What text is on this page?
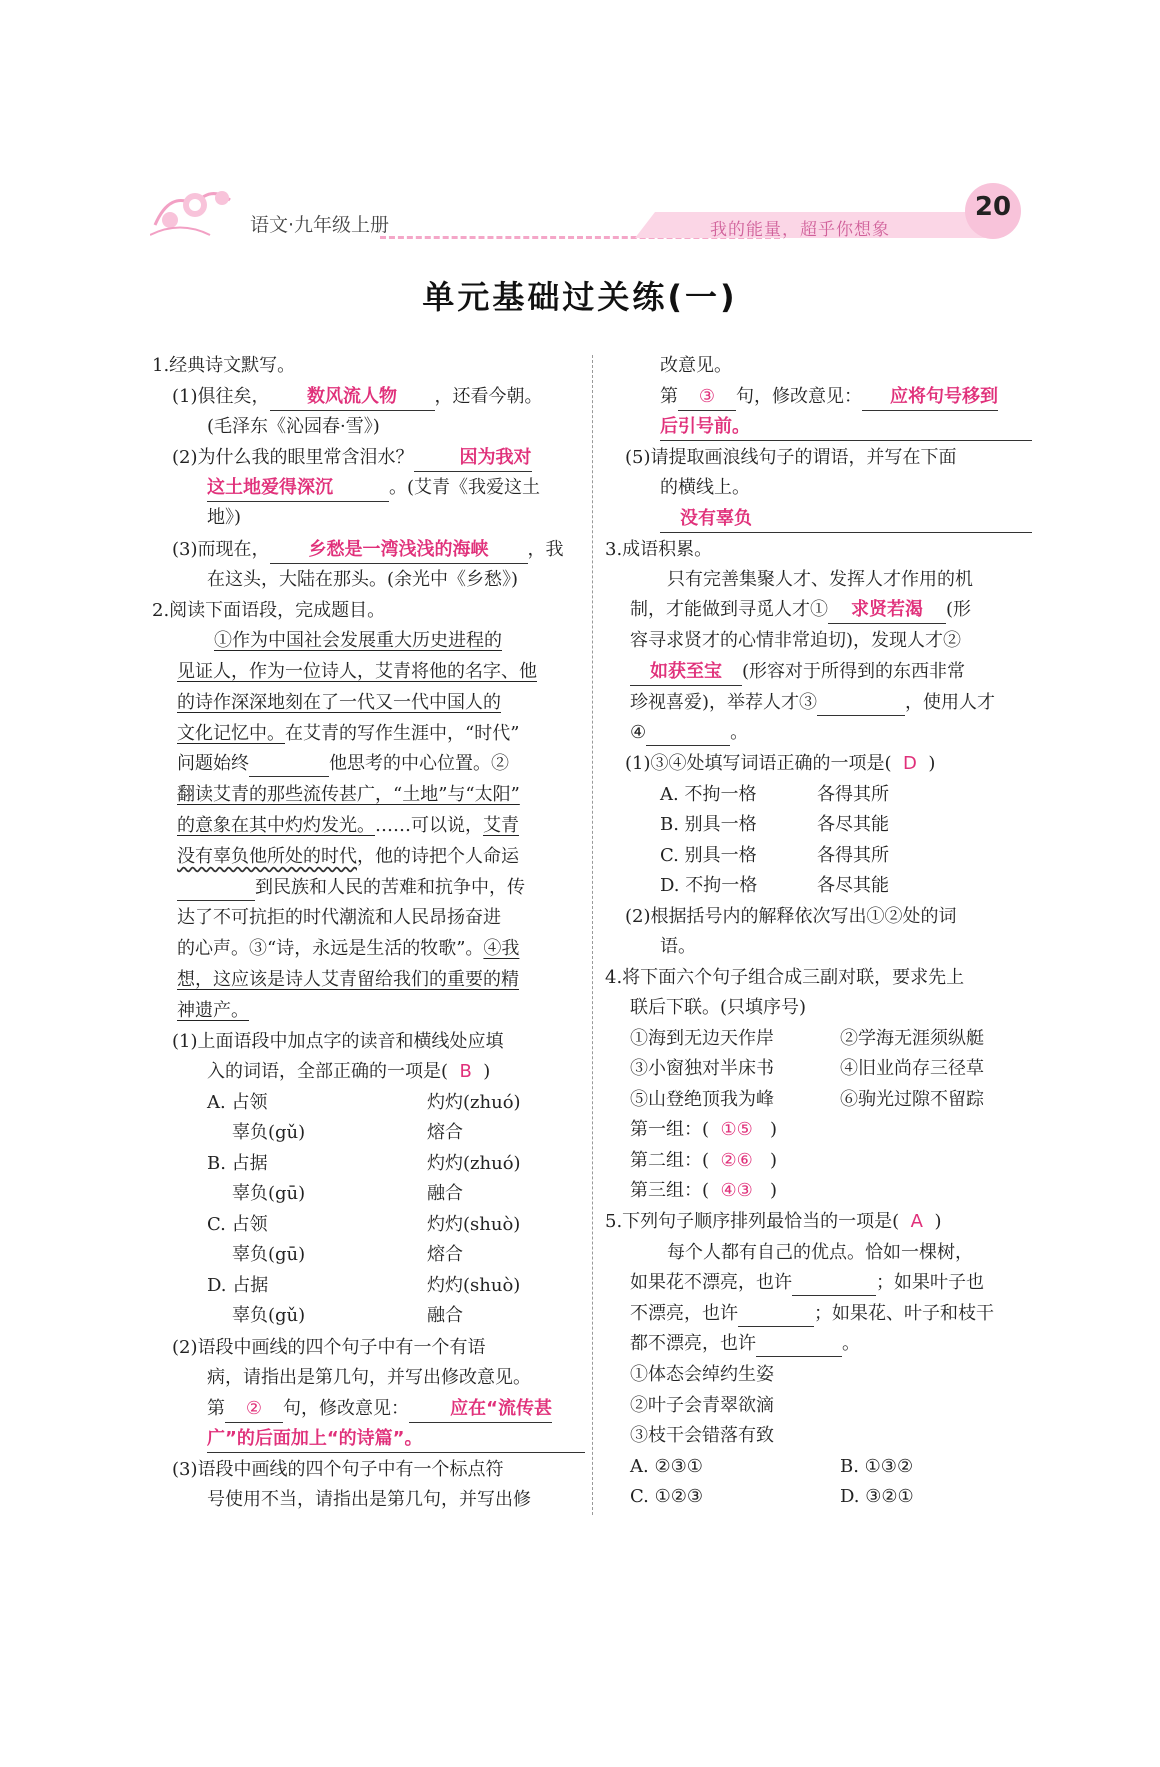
语文·九年级上册	我的能量，超乎你想象
20
单元基础过关练(一)
1.经典诗文默写。
(1)俱往矣， 数风流人物 ，还看今朝。
(毛泽东《沁园春·雪》)
(2)为什么我的眼里常含泪水？	因为我对
这土地爱得深沉	。(艾青《我爱这土
地》)
(3)而现在， 乡愁是一湾浅浅的海峡 ，我
在这头，大陆在那头。(余光中《乡愁》)
2.阅读下面语段，完成题目。
①作为中国社会发展重大历史进程的
见证人，作为一位诗人，艾青将他的名字、他
的诗作深深地刻在了一代又一代中国人的
文化记忆中。在艾青的写作生涯中，“时代”
问题始终	他思考的中心位置。②
翻读艾青的那些流传甚广，“土地”与“太阳”
的意象在其中灼灼发光。……可以说，艾青
没有辜负他所处的时代，他的诗把个人命运
到民族和人民的苦难和抗争中，传
达了不可抗拒的时代潮流和人民昂扬奋进
的心声。③“诗，永远是生活的牧歌”。④我
想，这应该是诗人艾青留给我们的重要的精
神遗产。
(1)上面语段中加点字的读音和横线处应填
入的词语，全部正确的一项是( B )
A. 占领	灼灼(zhuó)
辜负(gǔ)	熔合
B. 占据	灼灼(zhuó)
辜负(gū)	融合
C. 占领	灼灼(shuò)
辜负(gū)	熔合
D. 占据	灼灼(shuò)
辜负(gǔ)	融合
(2)语段中画线的四个句子中有一个有语
病，请指出是第几句，并写出修改意见。
第 ② 句，修改意见： 应在“流传甚
广”的后面加上“的诗篇”。
(3)语段中画线的四个句子中有一个标点符
号使用不当，请指出是第几句，并写出修
改意见。
第 ③ 句，修改意见： 应将句号移到
后引号前。
(5)请提取画浪线句子的谓语，并写在下面
的横线上。
没有辜负
3.成语积累。
只有完善集聚人才、发挥人才作用的机
制，才能做到寻觅人才① 求贤若渴 (形
容寻求贤才的心情非常迫切)，发现人才②
如获至宝 (形容对于所得到的东西非常
珍视喜爱)，举荐人才③	，使用人才
④	。
(1)③④处填写词语正确的一项是( D )
A. 不拘一格	各得其所
B. 别具一格	各尽其能
C. 别具一格	各得其所
D. 不拘一格	各尽其能
(2)根据括号内的解释依次写出①②处的词
语。
4.将下面六个句子组合成三副对联，要求先上
联后下联。(只填序号)
①海到无边天作岸	②学海无涯须纵艇
③小窗独对半床书	④旧业尚存三径草
⑤山登绝顶我为峰	⑥驹光过隙不留踪
第一组：( ①⑤ )
第二组：( ②⑥ )
第三组：( ④③ )
5.下列句子顺序排列最恰当的一项是( A )
每个人都有自己的优点。恰如一棵树，
如果花不漂亮，也许	；如果叶子也
不漂亮，也许	；如果花、叶子和枝干
都不漂亮，也许	。
①体态会绰约生姿
②叶子会青翠欲滴
③枝干会错落有致
A. ②③①	B. ①③②
C. ①②③	D. ③②①
